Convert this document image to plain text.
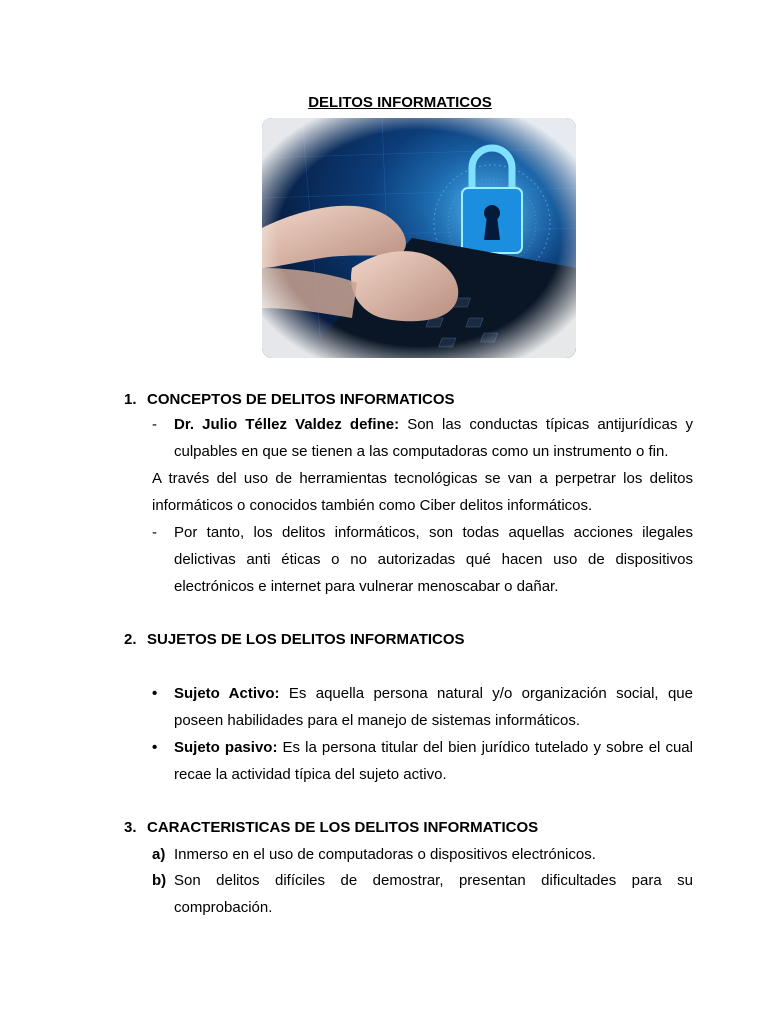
DELITOS INFORMATICOS
1. CONCEPTOS DE DELITOS INFORMATICOS
- Dr. Julio Téllez Valdez define: Son las conductas típicas antijurídicas y culpables en que se tienen a las computadoras como un instrumento o fin.
A través del uso de herramientas tecnológicas se van a perpetrar los delitos informáticos o conocidos también como Ciber delitos informáticos.
- Por tanto, los delitos informáticos, son todas aquellas acciones ilegales delictivas anti éticas o no autorizadas qué hacen uso de dispositivos electrónicos e internet para vulnerar menoscabar o dañar.
2. SUJETOS DE LOS DELITOS INFORMATICOS
• Sujeto Activo: Es aquella persona natural y/o organización social, que poseen habilidades para el manejo de sistemas informáticos.
• Sujeto pasivo: Es la persona titular del bien jurídico tutelado y sobre el cual recae la actividad típica del sujeto activo.
3. CARACTERISTICAS DE LOS DELITOS INFORMATICOS
a) Inmerso en el uso de computadoras o dispositivos electrónicos.
b) Son delitos difíciles de demostrar, presentan dificultades para su comprobación.
